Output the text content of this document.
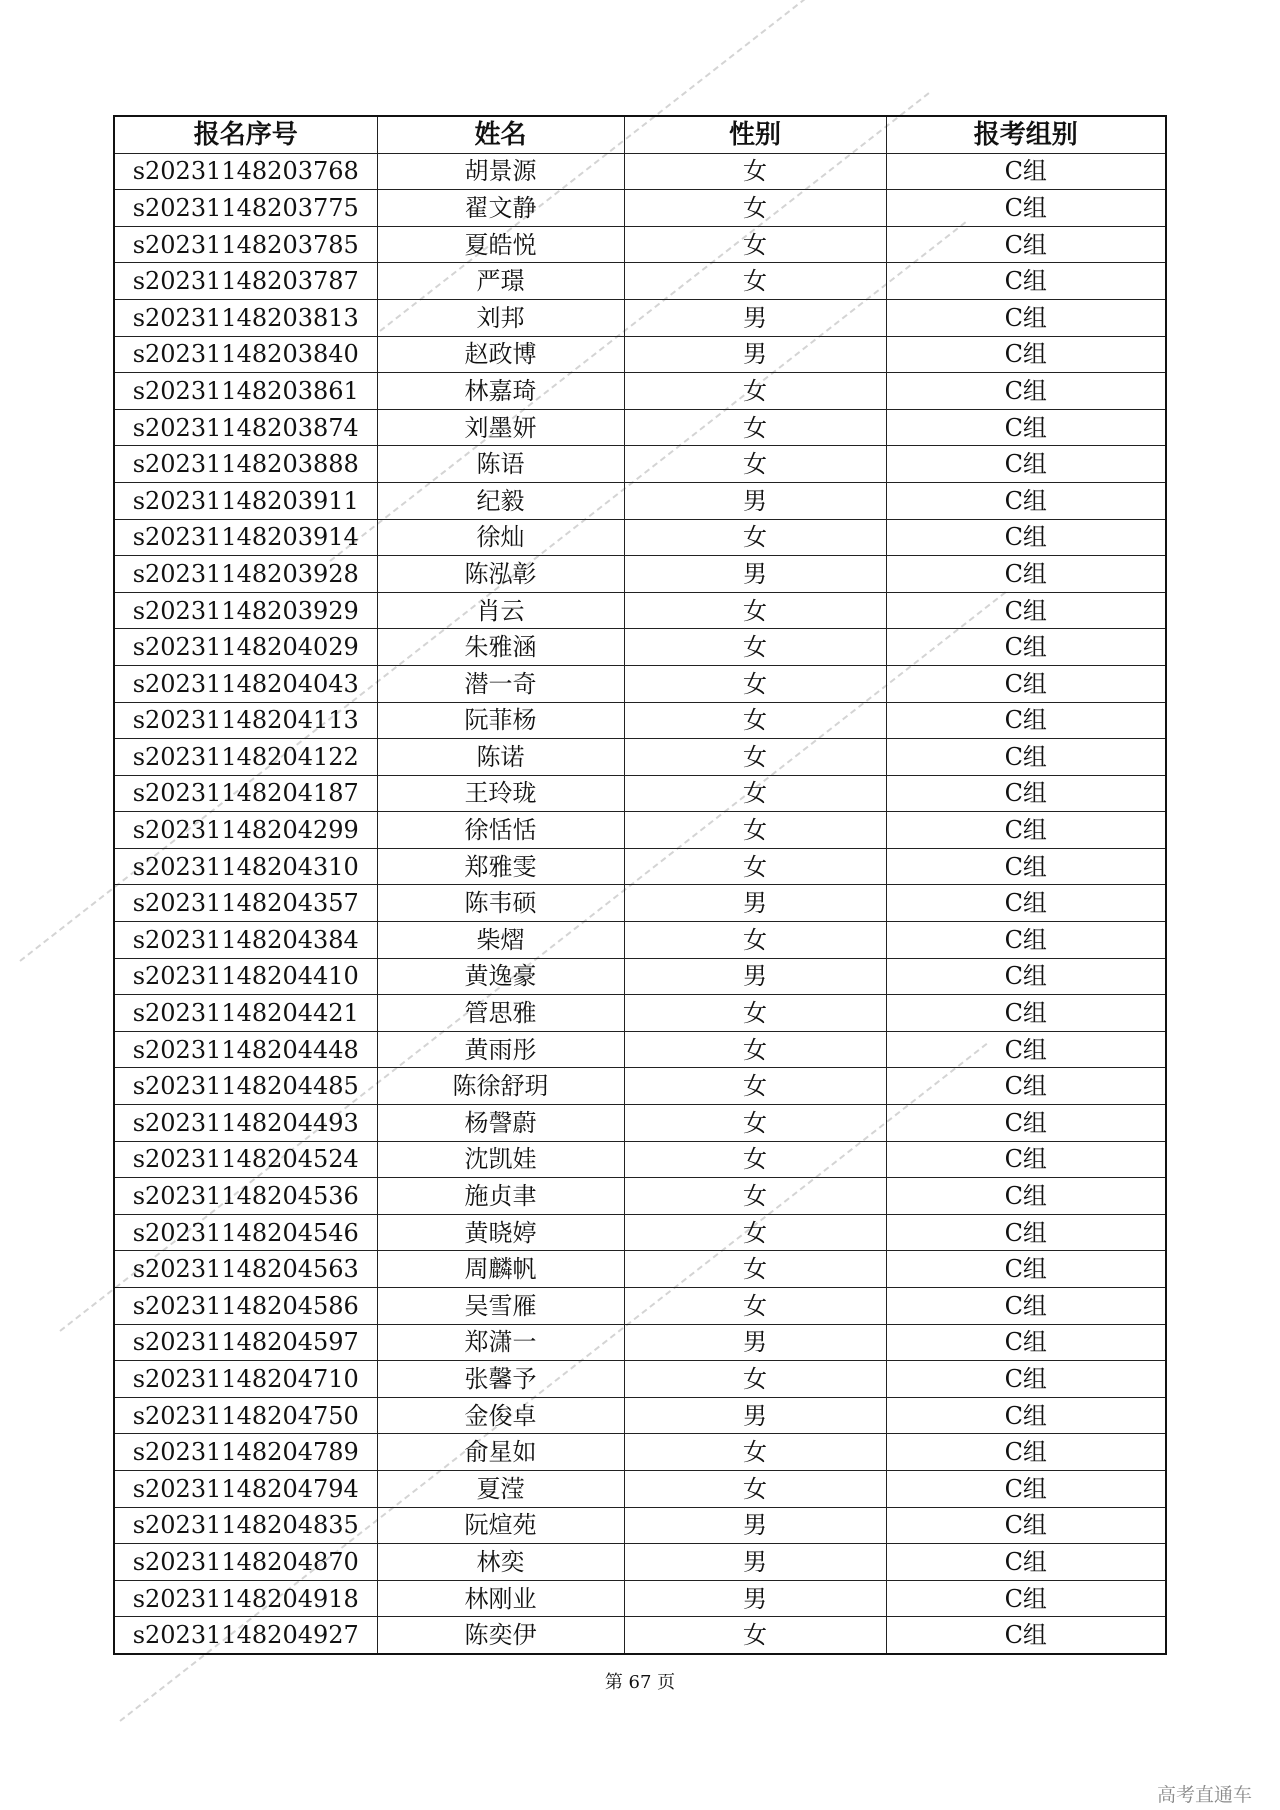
报名序号	姓名	性别	报考组别
s20231148203768	胡景源	女	C组
s20231148203775	翟文静	女	C组
s20231148203785	夏皓悦	女	C组
s20231148203787	严璟	女	C组
s20231148203813	刘邦	男	C组
s20231148203840	赵政博	男	C组
s20231148203861	林嘉琦	女	C组
s20231148203874	刘墨妍	女	C组
s20231148203888	陈语	女	C组
s20231148203911	纪毅	男	C组
s20231148203914	徐灿	女	C组
s20231148203928	陈泓彰	男	C组
s20231148203929	肖云	女	C组
s20231148204029	朱雅涵	女	C组
s20231148204043	潜一奇	女	C组
s20231148204113	阮菲杨	女	C组
s20231148204122	陈诺	女	C组
s20231148204187	王玲珑	女	C组
s20231148204299	徐恬恬	女	C组
s20231148204310	郑雅雯	女	C组
s20231148204357	陈韦硕	男	C组
s20231148204384	柴熠	女	C组
s20231148204410	黄逸豪	男	C组
s20231148204421	管思雅	女	C组
s20231148204448	黄雨彤	女	C组
s20231148204485	陈徐舒玥	女	C组
s20231148204493	杨謦蔚	女	C组
s20231148204524	沈凯娃	女	C组
s20231148204536	施贞聿	女	C组
s20231148204546	黄晓婷	女	C组
s20231148204563	周麟帆	女	C组
s20231148204586	吴雪雁	女	C组
s20231148204597	郑潇一	男	C组
s20231148204710	张馨予	女	C组
s20231148204750	金俊卓	男	C组
s20231148204789	俞星如	女	C组
s20231148204794	夏滢	女	C组
s20231148204835	阮煊苑	男	C组
s20231148204870	林奕	男	C组
s20231148204918	林刚业	男	C组
s20231148204927	陈奕伊	女	C组
第 67 页
高考直通车
